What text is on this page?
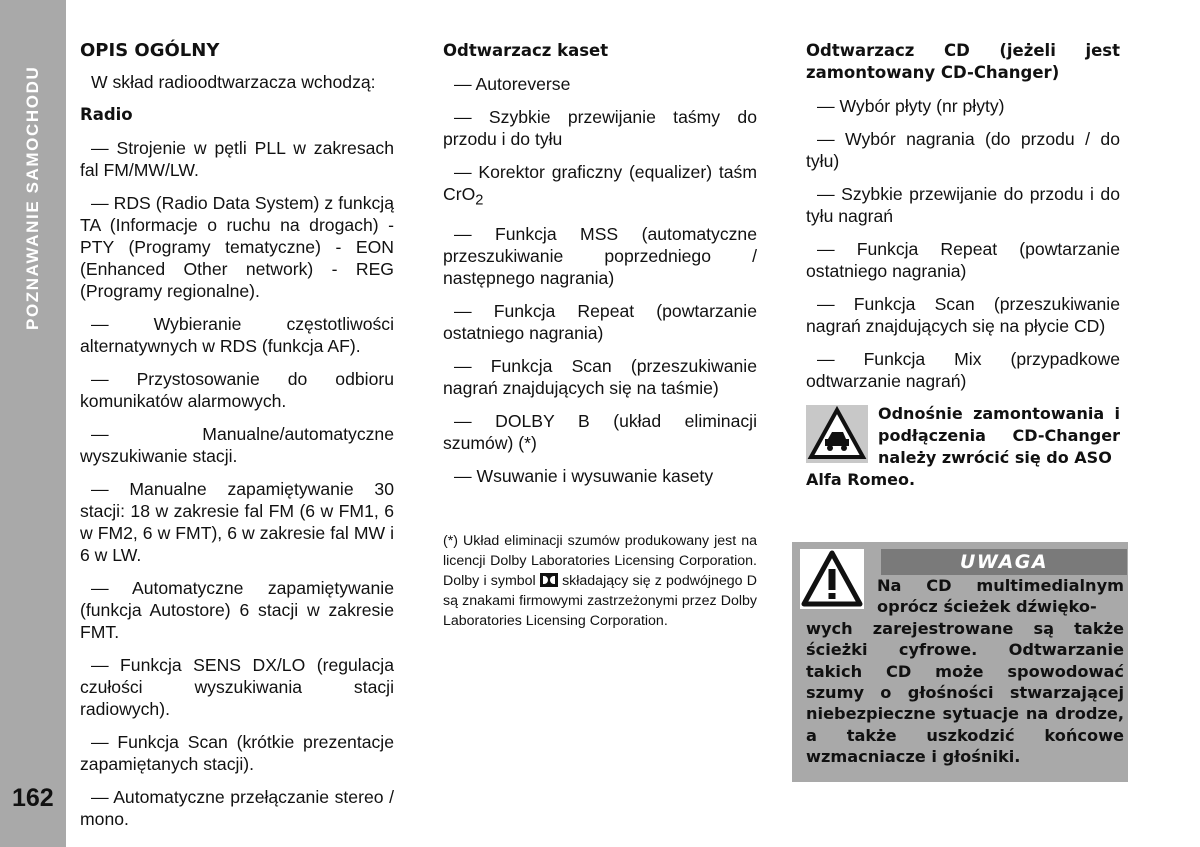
POZNAWANIE SAMOCHODU
162

OPIS OGÓLNY

W skład radioodtwarzacza wchodzą:

Radio

— Strojenie w pętli PLL w zakresach fal FM/MW/LW.

— RDS (Radio Data System) z funkcją TA (Informacje o ruchu na drogach) - PTY (Programy tematyczne) - EON (Enhanced Other network) - REG (Programy regionalne).

— Wybieranie częstotliwości alternatywnych w RDS (funkcja AF).

— Przystosowanie do odbioru komunikatów alarmowych.

— Manualne/automatyczne wyszukiwanie stacji.

— Manualne zapamiętywanie 30 stacji: 18 w zakresie fal FM (6 w FM1, 6 w FM2, 6 w FMT), 6 w zakresie fal MW i 6 w LW.

— Automatyczne zapamiętywanie (funkcja Autostore) 6 stacji w zakresie FMT.

— Funkcja SENS DX/LO (regulacja czułości wyszukiwania stacji radiowych).

— Funkcja Scan (krótkie prezentacje zapamiętanych stacji).

— Automatyczne przełączanie stereo / mono.

Odtwarzacz kaset

— Autoreverse

— Szybkie przewijanie taśmy do przodu i do tyłu

— Korektor graficzny (equalizer) taśm CrO$_2$

— Funkcja MSS (automatyczne przeszukiwanie poprzedniego / następnego nagrania)

— Funkcja Repeat (powtarzanie ostatniego nagrania)

— Funkcja Scan (przeszukiwanie nagrań znajdujących się na taśmie)

— DOLBY B (układ eliminacji szumów) (*)

— Wsuwanie i wysuwanie kasety

(*) Układ eliminacji szumów produkowany jest na licencji Dolby Laboratories Licensing Corporation. Dolby i symbol składający się z podwójnego D są znakami firmowymi zastrzeżonymi przez Dolby Laboratories Licensing Corporation.

Odtwarzacz CD (jeżeli jest zamontowany CD-Changer)

— Wybór płyty (nr płyty)

— Wybór nagrania (do przodu / do tyłu)

— Szybkie przewijanie do przodu i do tyłu nagrań

— Funkcja Repeat (powtarzanie ostatniego nagrania)

— Funkcja Scan (przeszukiwanie nagrań znajdujących się na płycie CD)

— Funkcja Mix (przypadkowe odtwarzanie nagrań)

Odnośnie zamontowania i podłączenia CD-Changer należy zwrócić się do ASO
Alfa Romeo.
UWAGA
Na CD multimedialnym oprócz ścieżek dźwięko-
wych zarejestrowane są także ścieżki cyfrowe. Odtwarzanie takich CD może spowodować szumy o głośności stwarzającej niebezpieczne sytuacje na drodze, a także uszkodzić końcowe wzmacniacze i głośniki.
